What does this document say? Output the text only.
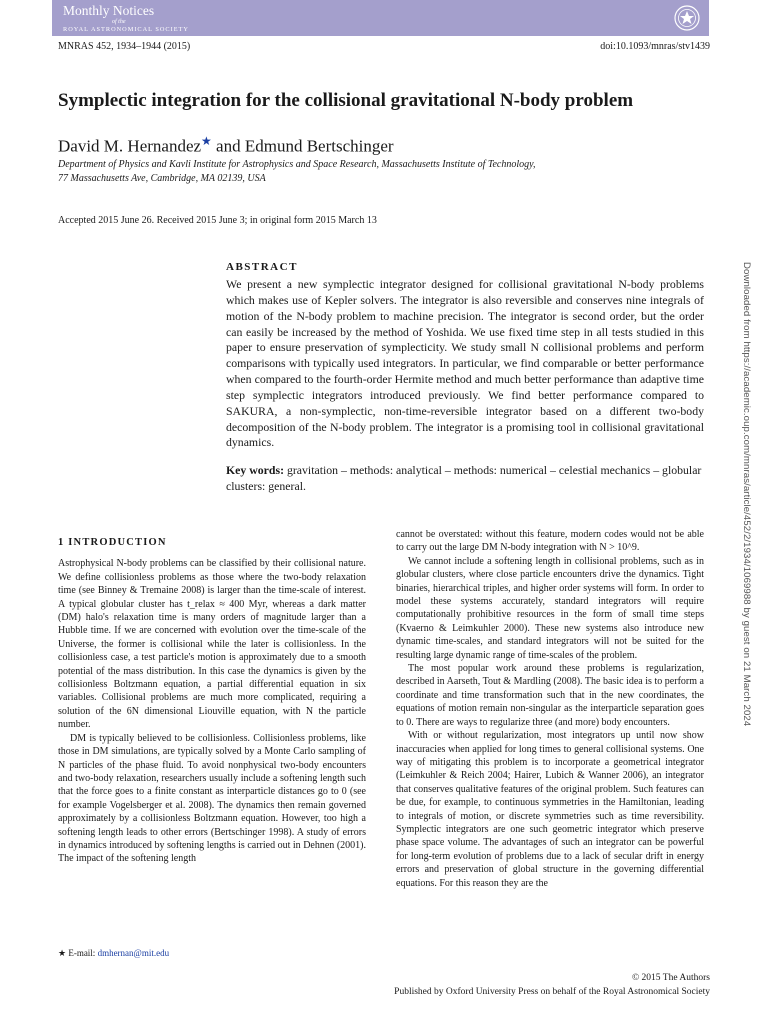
Monthly Notices
of the
ROYAL ASTRONOMICAL SOCIETY
MNRAS 452, 1934–1944 (2015)	doi:10.1093/mnras/stv1439
Symplectic integration for the collisional gravitational N-body problem
David M. Hernandez★ and Edmund Bertschinger
Department of Physics and Kavli Institute for Astrophysics and Space Research, Massachusetts Institute of Technology,
77 Massachusetts Ave, Cambridge, MA 02139, USA
Accepted 2015 June 26. Received 2015 June 3; in original form 2015 March 13
ABSTRACT

We present a new symplectic integrator designed for collisional gravitational N-body problems which makes use of Kepler solvers. The integrator is also reversible and conserves nine integrals of motion of the N-body problem to machine precision. The integrator is second order, but the order can easily be increased by the method of Yoshida. We use fixed time step in all tests studied in this paper to ensure preservation of symplecticity. We study small N collisional problems and perform comparisons with typically used integrators. In particular, we find comparable or better performance when compared to the fourth-order Hermite method and much better performance than adaptive time step symplectic integrators introduced previously. We find better performance compared to SAKURA, a non-symplectic, non-time-reversible integrator based on a different two-body decomposition of the N-body problem. The integrator is a promising tool in collisional gravitational dynamics.

Key words: gravitation – methods: analytical – methods: numerical – celestial mechanics – globular clusters: general.

1 INTRODUCTION

Astrophysical N-body problems can be classified by their collisional nature. We define collisionless problems as those where the two-body relaxation time (see Binney & Tremaine 2008) is larger than the time-scale of interest. A typical globular cluster has t_relax ≈ 400 Myr, whereas a dark matter (DM) halo's relaxation time is many orders of magnitude larger than a Hubble time. If we are concerned with evolution over the time-scale of the Universe, the former is collisional while the later is collisionless. In the collisionless case, a test particle's motion is approximately due to a smooth potential of the mass distribution. In this case the dynamics is given by the collisionless Boltzmann equation, a partial differential equation in six variables. Collisional problems are much more complicated, requiring a solution of the 6N dimensional Liouville equation, with N the particle number.

DM is typically believed to be collisionless. Collisionless problems, like those in DM simulations, are typically solved by a Monte Carlo sampling of N particles of the phase fluid. To avoid nonphysical two-body encounters and two-body relaxation, researchers usually include a softening length such that the force goes to a finite constant as interparticle distances go to 0 (see for example Vogelsberger et al. 2008). The dynamics then remain governed approximately by a collisionless Boltzmann equation. However, too high a softening length leads to other errors (Bertschinger 1998). A study of errors in dynamics introduced by softening lengths is carried out in Dehnen (2001). The impact of the softening length

cannot be overstated: without this feature, modern codes would not be able to carry out the large DM N-body integration with N > 10^9.

We cannot include a softening length in collisional problems, such as in globular clusters, where close particle encounters drive the dynamics. Tight binaries, hierarchical triples, and higher order systems will form. In order to model these systems accurately, standard integrators will require computationally prohibitive resources in the form of small time steps (Kvaerno & Leimkuhler 2000). These new systems also introduce new dynamic time-scales, and standard integrators will not be suited for the resulting large dynamic range of time-scales of the problem.

The most popular work around these problems is regularization, described in Aarseth, Tout & Mardling (2008). The basic idea is to perform a coordinate and time transformation such that in the new coordinates, the equations of motion remain non-singular as the interparticle separation goes to 0. There are ways to regularize three (and more) body encounters.

With or without regularization, most integrators up until now show inaccuracies when applied for long times to general collisional systems. One way of mitigating this problem is to incorporate a geometrical integrator (Leimkuhler & Reich 2004; Hairer, Lubich & Wanner 2006), an integrator that conserves qualitative features of the original problem. Such features can be due, for example, to continuous symmetries in the Hamiltonian, leading to integrals of motion, or discrete symmetries such as time reversibility. Symplectic integrators are one such geometric integrator which preserve phase space volume. The advantages of such an integrator can be powerful for long-term evolution of problems due to a lack of secular drift in energy errors and preservation of global structure in the governing differential equations. For this reason they are the

★ E-mail: dmhernan@mit.edu
© 2015 The Authors
Published by Oxford University Press on behalf of the Royal Astronomical Society
Downloaded from https://academic.oup.com/mnras/article/452/2/1934/1069988 by guest on 21 March 2024
